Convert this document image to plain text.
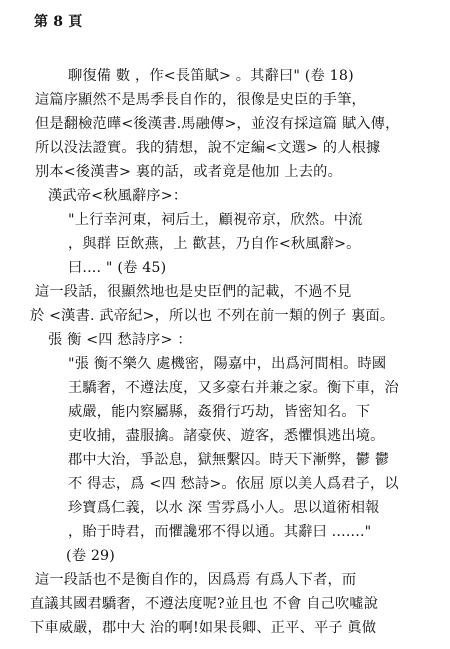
第 8 頁
聊復備 數 ，作<長笛賦> 。其辭曰" (卷 18)
這篇序顯然不是馬季長自作的，很像是史臣的手筆，
但是翻檢范曄<後漢書.馬融傳>，並沒有採這篇 賦入傳，
所以没法證實。我的猜想，說不定編<文選> 的人根據
別本<後漢書> 裏的話，或者竟是他加 上去的。
漢武帝<秋風辭序>：
"上行幸河東，祠后土，顧視帝京，欣然。中流
，與群 臣飲燕，上 歡甚，乃自作<秋風辭>。
曰.... " (卷 45)
這一段話，很顯然地也是史臣們的記載，不過不見
於 <漢書. 武帝紀>，所以也 不列在前一類的例子 裏面。
張 衡 <四 愁詩序> ：
"張 衡不樂久 處機密，陽嘉中，出爲河間相。時國
王驕奢，不遵法度，又多豪右并兼之家。衡下車，治
威嚴，能内察屬縣，姦猾行巧劫，皆密知名。下
吏收捕，盡服擒。諸豪俠、遊客，悉懼惧逃出境。
郡中大治，爭訟息，獄無繫囚。時天下漸弊，鬱 鬱
不 得志，爲 <四 愁詩>。依屈 原以美人爲君子，以
珍寶爲仁義，以水 深 雪雰爲小人。思以道術相報
，貽于時君，而懼讒邪不得以通。其辭曰 ......."
(卷 29)
這一段話也不是衡自作的，因爲焉 有爲人下者，而
直議其國君驕奢，不遵法度呢?並且也 不會 自己吹噓說
下車威嚴，郡中大 治的啊!如果長卿、正平、平子 眞做
